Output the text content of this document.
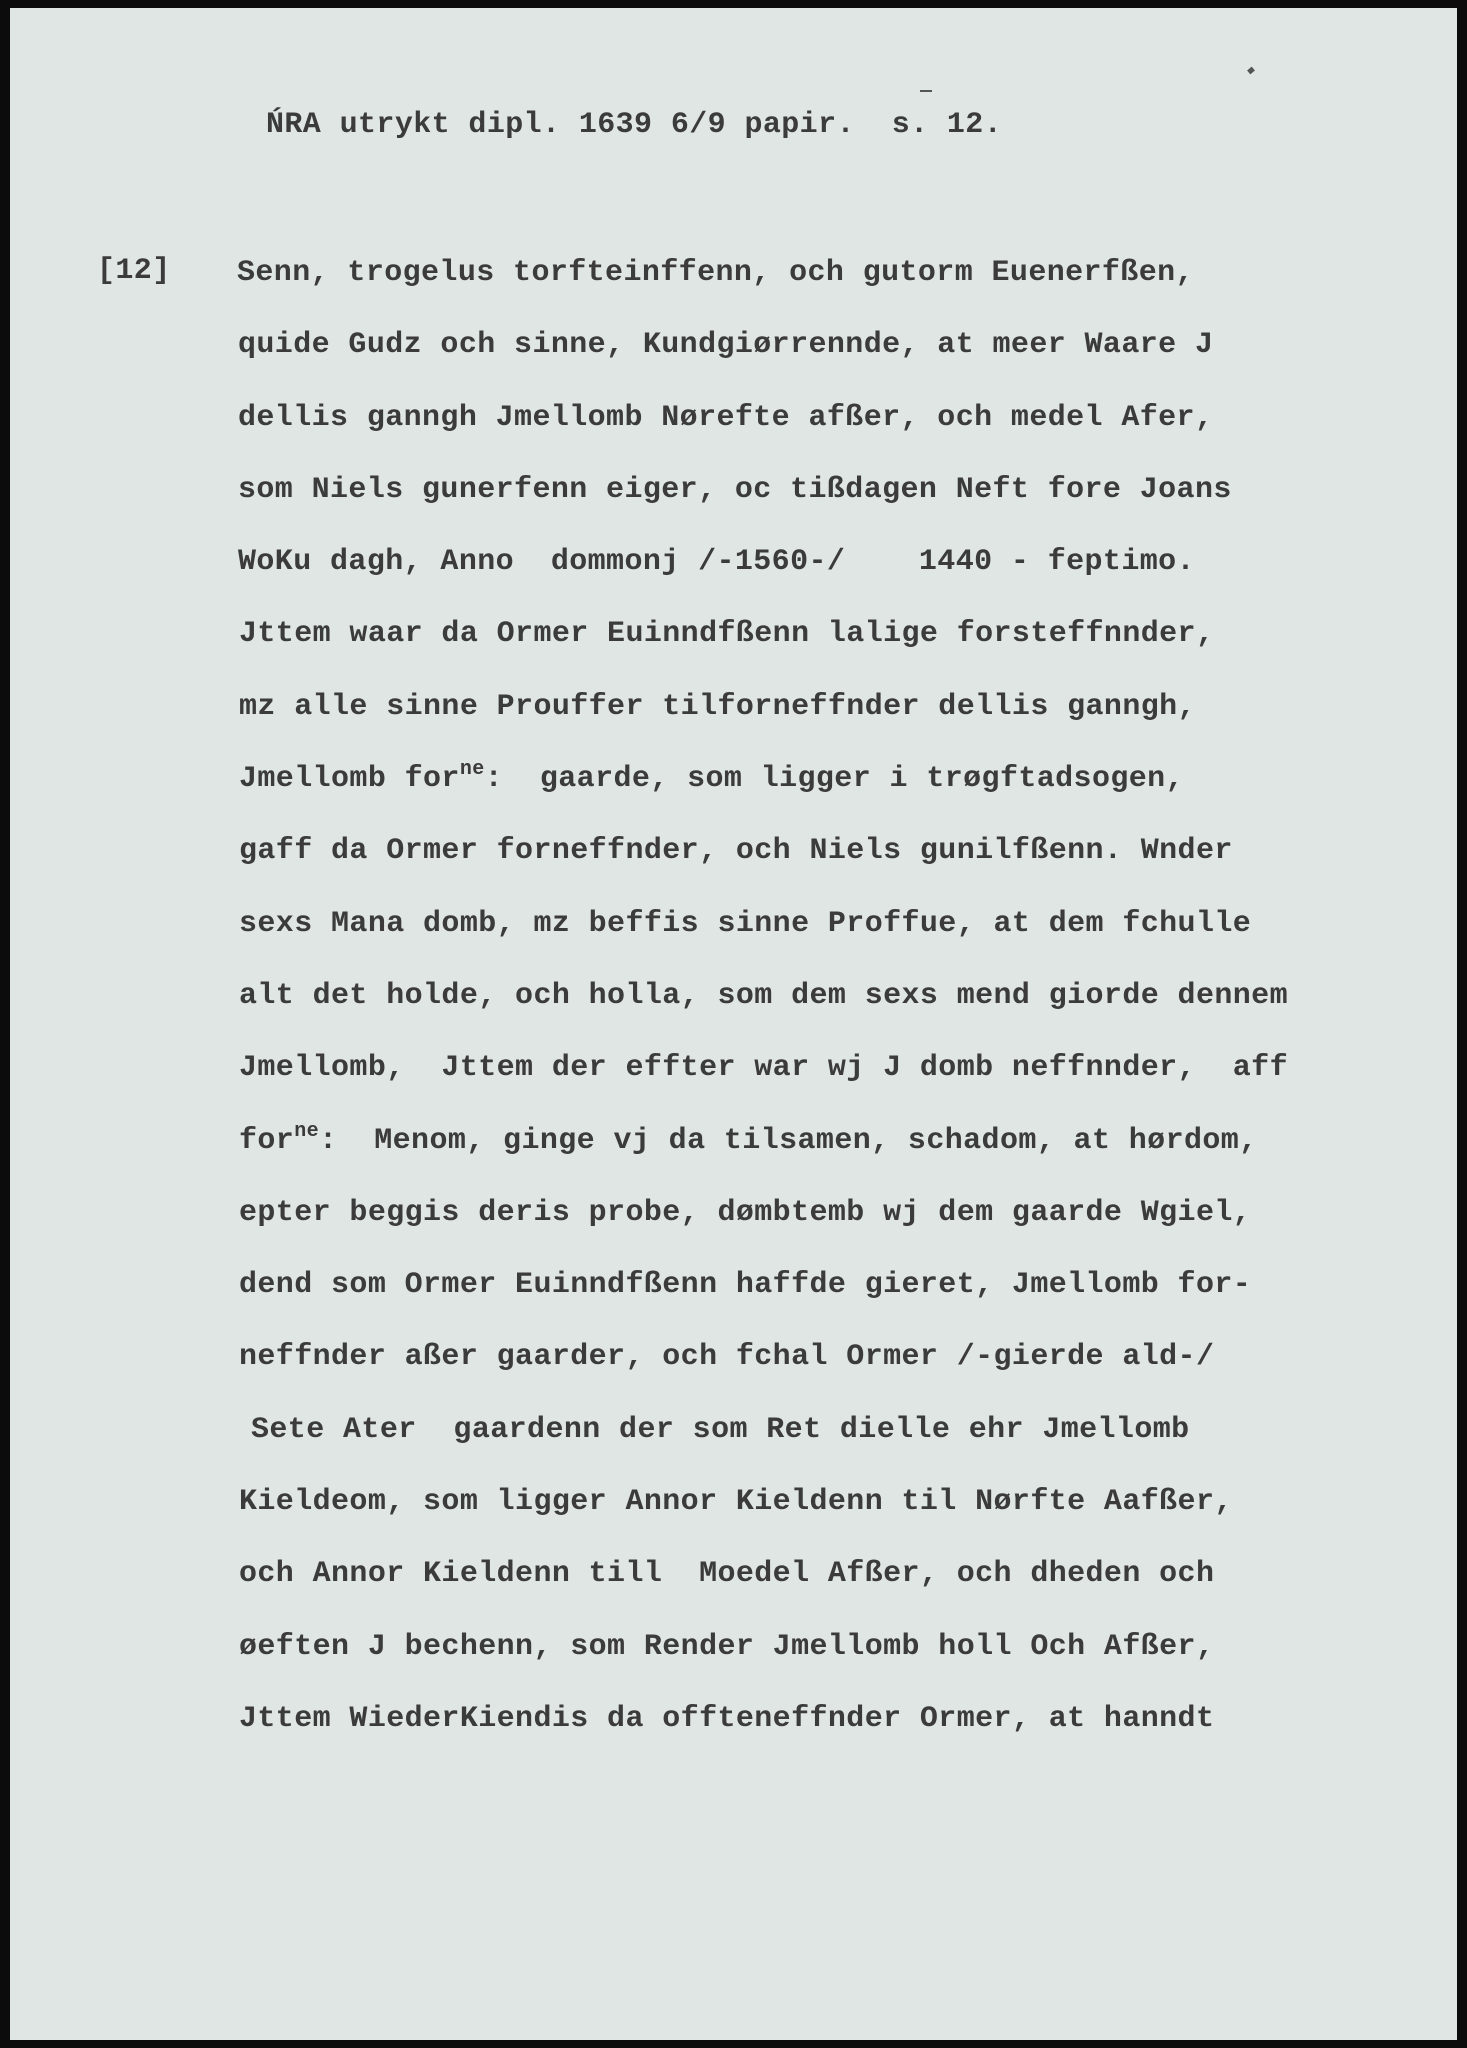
ŃRA utrykt dipl. 1639 6/9 papir.  s. 12.
[12] Senn, trogelus torfteinffenn, och gutorm Euenerfßen,
quide Gudz och sinne, Kundgiørrennde, at meer Waare J
dellis ganngh Jmellomb Nørefte afßer, och medel Afer,
som Niels gunerfenn eiger, oc tißdagen Neft fore Joans
WoKu dagh, Anno  dommonj /-1560-/    1440 - feptimo.
Jttem waar da Ormer Euinndfßenn lalige forsteffnnder,
mz alle sinne Prouffer tilforneffnder dellis ganngh,
Jmellomb for$^{ne}$:  gaarde, som ligger i trøgftadsogen,
gaff da Ormer forneffnder, och Niels gunilfßenn. Wnder
sexs Mana domb, mz beffis sinne Proffue, at dem fchulle
alt det holde, och holla, som dem sexs mend giorde dennem
Jmellomb,  Jttem der effter war wj J domb neffnnder,  aff
for$^{ne}$:  Menom, ginge vj da tilsamen, schadom, at hørdom,
epter beggis deris probe, dømbtemb wj dem gaarde Wgiel,
dend som Ormer Euinndfßenn haffde gieret, Jmellomb for-
neffnder aßer gaarder, och fchal Ormer /-gierde ald-/
Sete Ater  gaardenn der som Ret dielle ehr Jmellomb
Kieldeom, som ligger Annor Kieldenn til Nørfte Aafßer,
och Annor Kieldenn till  Moedel Afßer, och dheden och
øeften J bechenn, som Render Jmellomb holl Och Afßer,
Jttem WiederKiendis da offteneffnder Ormer, at hanndt
